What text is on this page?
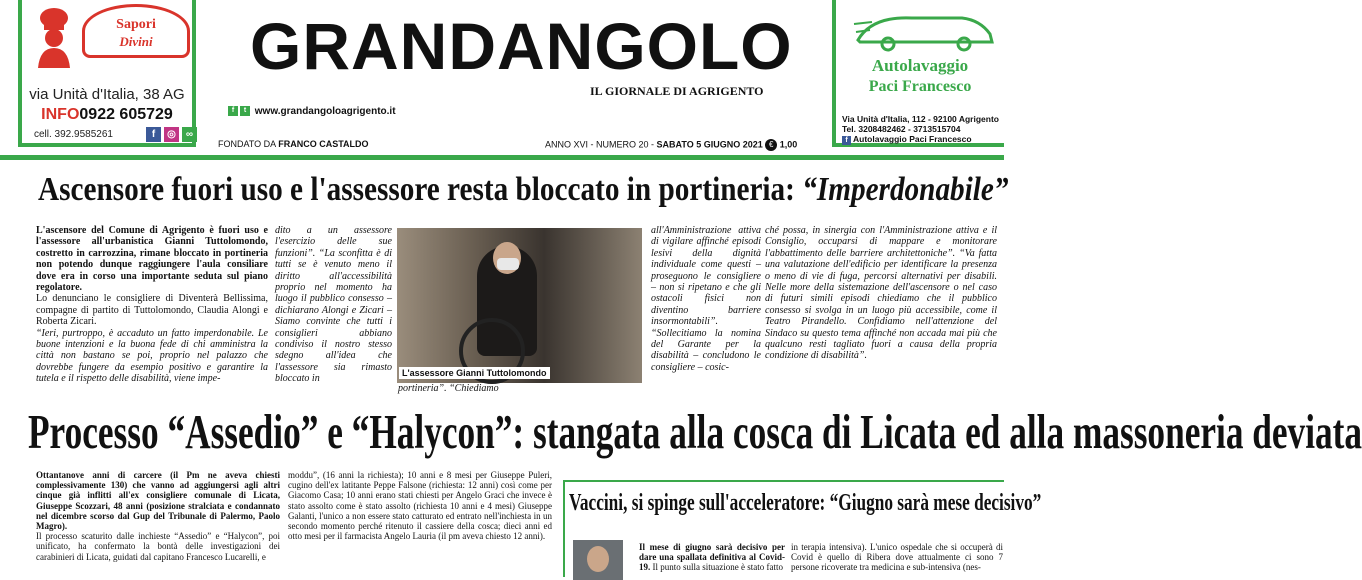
Sapori
Divini
via Unità d'Italia, 38 AG
INFO0922 605729
cell. 392.9585261	f	◎	∞
GRANDANGOLO
IL GIORNALE DI AGRIGENTO
f t www.grandangoloagrigento.it
FONDATO DA FRANCO CASTALDO	ANNO XVI - NUMERO 20 - SABATO 5 GIUGNO 2021 € 1,00
Autolavaggio
Paci Francesco
Via Unità d'Italia, 112 - 92100 Agrigento
Tel. 3208482462 - 3713515704
f Autolavaggio Paci Francesco
Ascensore fuori uso e l'assessore resta bloccato in portineria: “Imperdonabile”
L'ascensore del Comune di Agrigento è fuori uso e l'assessore all'urbanistica Gianni Tuttolomondo, costretto in carrozzina, rimane bloccato in portineria non potendo dunque raggiungere l'aula consiliare dove era in corso una importante seduta sul piano regolatore.
Lo denunciano le consigliere di Diventerà Bellissima, compagne di partito di Tuttolomondo, Claudia Alongi e Roberta Zicari.
“Ieri, purtroppo, è accaduto un fatto imperdonabile. Le buone intenzioni e la buona fede di chi amministra la città non bastano se poi, proprio nel palazzo che dovrebbe fungere da esempio positivo e garantire la tutela e il rispetto delle disabilità, viene impe-
dito a un assessore l'esercizio delle sue funzioni”. “La sconfitta è di tutti se è venuto meno il diritto all'accessibilità proprio nel momento ha luogo il pubblico consesso – dichiarano Alongi e Zicari – Siamo convinte che tutti i consiglieri abbiano condiviso il nostro stesso sdegno all'idea che l'assessore sia rimasto bloccato in
L'assessore Gianni Tuttolomondo
portineria”. “Chiediamo
all'Amministrazione attiva di vigilare affinché episodi lesivi della dignità individuale come questi – proseguono le consigliere – non si ripetano e che gli ostacoli fisici non diventino barriere insormontabili”. “Sollecitiamo la nomina del Garante per la disabilità – concludono le consigliere – cosic-
ché possa, in sinergia con l'Amministrazione attiva e il Consiglio, occuparsi di mappare e monitorare l'abbattimento delle barriere architettoniche”. “Va fatta una valutazione dell'edificio per identificare la presenza o meno di vie di fuga, percorsi alternativi per disabili. Nelle more della sistemazione dell'ascensore o nel caso di futuri simili episodi chiediamo che il pubblico consesso si svolga in un luogo più accessibile, come il Teatro Pirandello. Confidiamo nell'attenzione del Sindaco su questo tema affinché non accada mai più che qualcuno resti tagliato fuori a causa della propria condizione di disabilità”.
Processo “Assedio” e “Halycon”: stangata alla cosca di Licata ed alla massoneria deviata
Ottantanove anni di carcere (il Pm ne aveva chiesti complessivamente 130) che vanno ad aggiungersi agli altri cinque già inflitti all'ex consigliere comunale di Licata, Giuseppe Scozzari, 48 anni (posizione stralciata e condannato nel dicembre scorso dal Gup del Tribunale di Palermo, Paolo Magro).
Il processo scaturito dalle inchieste “Assedio” e “Halycon”, poi unificato, ha confermato la bontà delle investigazioni dei carabinieri di Licata, guidati dal capitano Francesco Lucarelli, e
moddu”, (16 anni la richiesta); 10 anni e 8 mesi per Giuseppe Puleri, cugino dell'ex latitante Peppe Falsone (richiesta: 12 anni) così come per Giacomo Casa; 10 anni erano stati chiesti per Angelo Graci che invece è stato assolto come è stato assolto (richiesta 10 anni e 4 mesi) Giuseppe Galanti, l'unico a non essere stato catturato ed entrato nell'inchiesta in un secondo momento perché ritenuto il cassiere della cosca; dieci anni ed otto mesi per il farmacista Angelo Lauria (il pm aveva chiesto 12 anni).
Vaccini, si spinge sull'acceleratore: “Giugno sarà mese decisivo”
Il mese di giugno sarà decisivo per dare una spallata definitiva al Covid-19. Il punto sulla situazione è stato fatto
in terapia intensiva). L'unico ospedale che si occuperà di Covid è quello di Ribera dove attualmente ci sono 7 persone ricoverate tra medicina e sub-intensiva (nes-
